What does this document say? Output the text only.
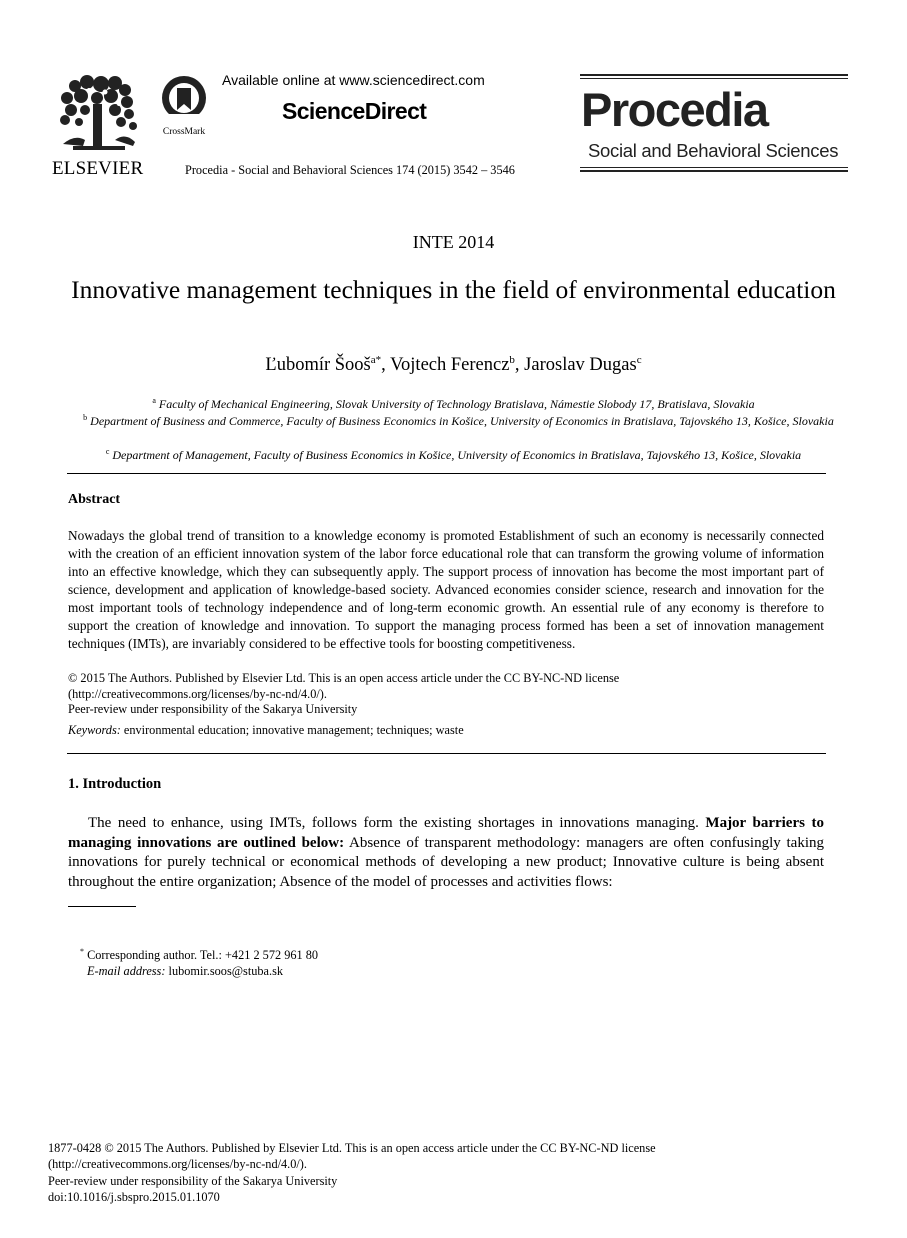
ELSEVIER
CrossMark
Available online at www.sciencedirect.com
ScienceDirect
Procedia - Social and Behavioral Sciences 174 (2015) 3542 – 3546
Procedia
Social and Behavioral Sciences
INTE 2014
Innovative management techniques in the field of environmental education
Ľubomír Šooš$^{a*}$, Vojtech Ferencz$^b$, Jaroslav Dugas$^c$
$^a$ Faculty of Mechanical Engineering, Slovak University of Technology Bratislava, Námestie Slobody 17, Bratislava, Slovakia
$^b$ Department of Business and Commerce, Faculty of Business Economics in Košice, University of Economics in Bratislava, Tajovského 13, Košice, Slovakia
$^c$ Department of Management, Faculty of Business Economics in Košice, University of Economics in Bratislava, Tajovského 13, Košice, Slovakia
Abstract
Nowadays the global trend of transition to a knowledge economy is promoted Establishment of such an economy is necessarily connected with the creation of an efficient innovation system of the labor force educational role that can transform the growing volume of information into an effective knowledge, which they can subsequently apply. The support process of innovation has become the most important part of science, development and application of knowledge-based society. Advanced economies consider science, research and innovation for the most important tools of technology independence and of long-term economic growth. An essential rule of any economy is therefore to support the creation of knowledge and innovation. To support the managing process formed has been a set of innovation management techniques (IMTs), are invariably considered to be effective tools for boosting competitiveness.
© 2015 The Authors. Published by Elsevier Ltd. This is an open access article under the CC BY-NC-ND license
(http://creativecommons.org/licenses/by-nc-nd/4.0/).
Peer-review under responsibility of the Sakarya University
Keywords: environmental education; innovative management; techniques; waste
1. Introduction
The need to enhance, using IMTs, follows form the existing shortages in innovations managing. Major barriers to managing innovations are outlined below: Absence of transparent methodology: managers are often confusingly taking innovations for purely technical or economical methods of developing a new product; Innovative culture is being absent throughout the entire organization; Absence of the model of processes and activities flows:
* Corresponding author. Tel.: +421 2 572 961 80
E-mail address: lubomir.soos@stuba.sk
1877-0428 © 2015 The Authors. Published by Elsevier Ltd. This is an open access article under the CC BY-NC-ND license
(http://creativecommons.org/licenses/by-nc-nd/4.0/).
Peer-review under responsibility of the Sakarya University
doi:10.1016/j.sbspro.2015.01.1070
